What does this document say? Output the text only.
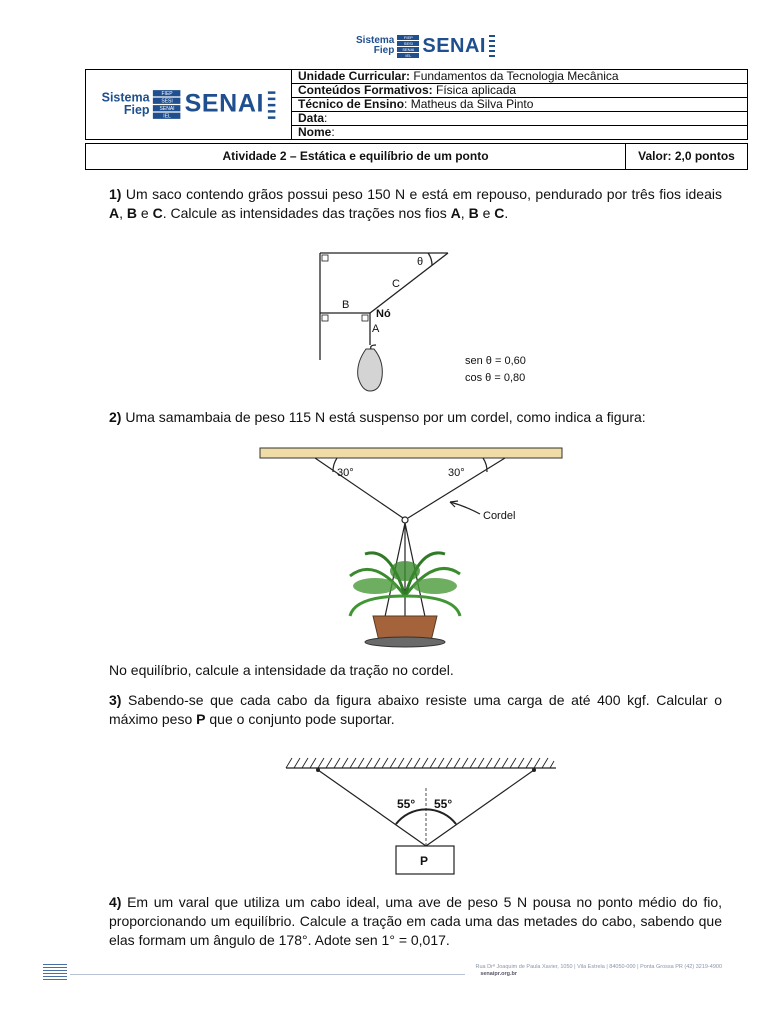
Sistema
Fiep
FIEP
SESI
SENAI
IEL SENAI
Sistema
Fiep
FIEP
SESI
SENAI
IEL SENAI
	Unidade Curricular: Fundamentos da Tecnologia Mecânica
Conteúdos Formativos: Física aplicada
Técnico de Ensino: Matheus da Silva Pinto
Data:
Nome:
Atividade 2 – Estática e equilíbrio de um ponto	Valor: 2,0 pontos
1) Um saco contendo grãos possui peso 150 N e está em repouso, pendurado por três fios ideais A, B e C. Calcule as intensidades das trações nos fios A, B e C.
θ
C
B
Nó
A
sen θ = 0,60
cos θ = 0,80
2) Uma samambaia de peso 115 N está suspenso por um cordel, como indica a figura:
30°	30°
Cordel
No equilíbrio, calcule a intensidade da tração no cordel.
3) Sabendo-se que cada cabo da figura abaixo resiste uma carga de até 400 kgf. Calcular o máximo peso P que o conjunto pode suportar.
55° 55°
P
4) Em um varal que utiliza um cabo ideal, uma ave de peso 5 N pousa no ponto médio do fio, proporcionando um equilíbrio. Calcule a tração em cada uma das metades do cabo, sabendo que elas formam um ângulo de 178°. Adote sen 1° = 0,017.
Rua Drª Joaquim de Paula Xavier, 1050 | Vila Estrela | 84050-000 | Ponta Grossa PR (42) 3219-4900
senaipr.org.br
